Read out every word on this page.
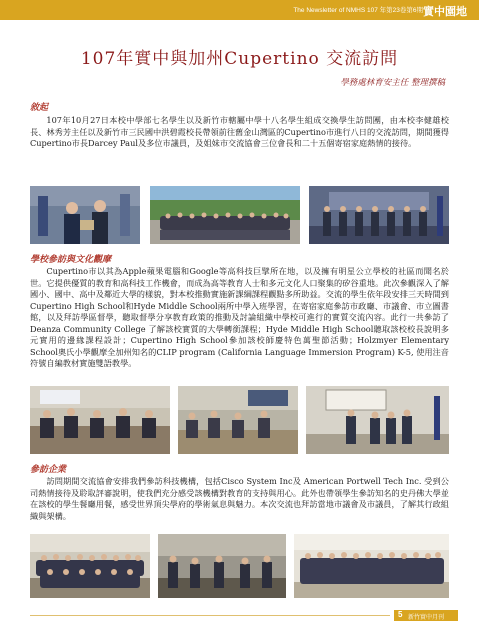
The Newsletter of NMHS 107 年第23卷第6期 實中園地
107年實中與加州Cupertino 交流訪問
學務處林育安主任 整理撰稿
敘起

107年10月27日本校中學部七名學生以及新竹市轄屬中學十八名學生組成交換學生訪問團，由本校李健雄校長、林秀芳主任以及新竹市三民國中洪碧霞校長帶領前往舊金山灣區的Cupertino市進行八日的交流訪問，期間獲得Cupertino市長Darcey Paul及多位市議員，及姐妹市交流協會三位會長和二十五個寄宿家庭熱情的接待。

學校參訪與文化觀摩

Cupertino市以其為Apple蘋果電腦和Google等高科技巨擘所在地，以及擁有明星公立學校的社區而聞名於世。它提供優質的教育和高科技工作機會，而成為高等教育人士和多元文化人口聚集的矽谷重地。此次參觀深入了解國小、國中、高中及鄰近大學的樣貌，對本校推動實施新課綱課程觀點多所助益。交流的學生依年段安排三天時間到Cupertino High School和Hyde Middle School兩所中學入班學習，在寄宿家庭參訪市政廳、市議會、市立圖書館，以及拜訪學區督學，聽取督學分享教育政策的推動及討論組織中學校可進行的實質交流內容。此行一共參訪了Deanza Community College 了解該校實質的大學轉銜課程；Hyde Middle High School聽取該校校長說明多元實用的邊緣課程設計；Cupertino High School參加該校師慶特色萬聖節活動；Holzmyer Elementary School奧氏小學觀摩全加州知名的CLIP program (California Language Immersion Program) K-5, 使用注音符號自編教材實施雙語教學。

參訪企業

訪問期間交流協會安排我們參訪科技機構，包括Cisco System Inc及 American Portwell Tech Inc. 受到公司熱情接待及聆取評審說明，使我們充分感受該機構對教育的支持與用心。此外也帶領學生參訪知名的史丹佛大學並在該校的學生餐廳用餐，感受世界頂尖學府的學術氣息與魅力。本次交流也拜訪當地市議會及市議員，了解其行政組織與架構。

5 新竹實中月刊
